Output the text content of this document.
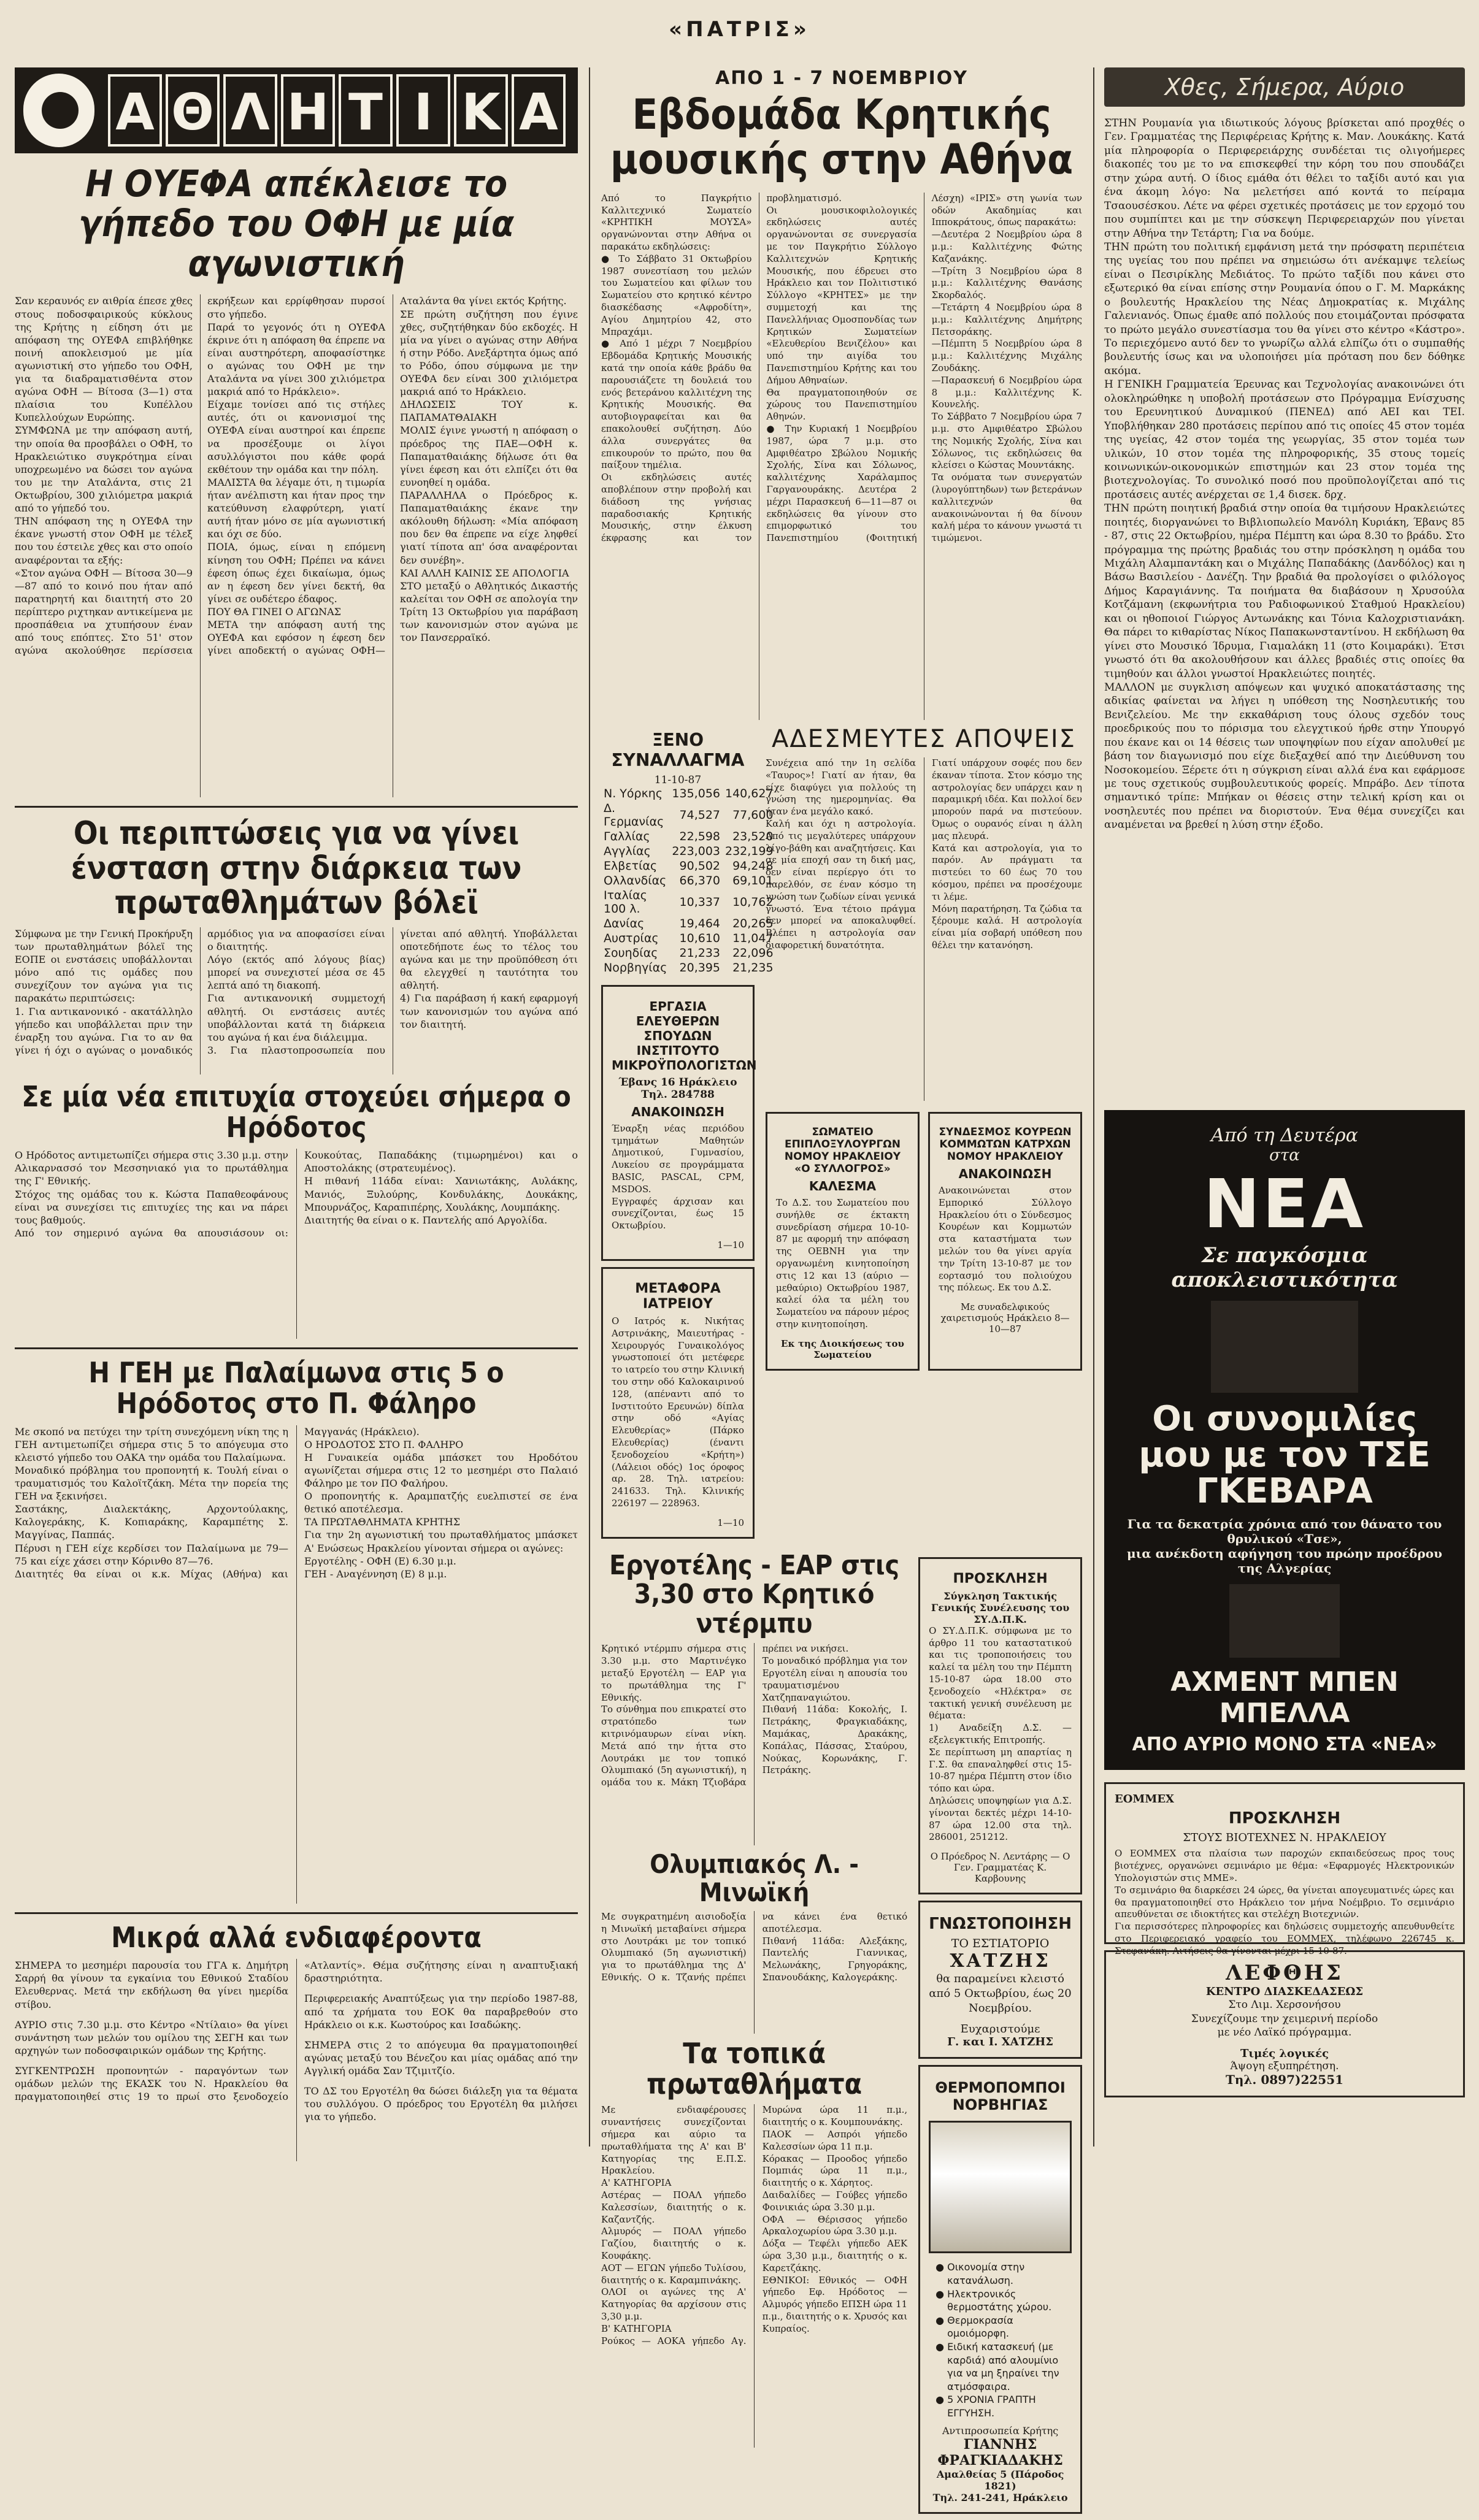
«ΠΑΤΡΙΣ»
Α Θ Λ Η Τ Ι Κ Α
Η ΟΥΕΦΑ απέκλεισε το γήπεδο του ΟΦΗ με μία αγωνιστική

Σαν κεραυνός εν αιθρία έπεσε χθες στους ποδοσφαιρικούς κύκλους της Κρήτης η είδηση ότι με απόφαση της ΟΥΕΦΑ επιβλήθηκε ποινή αποκλεισμού με μία αγωνιστική στο γήπεδο του ΟΦΗ, για τα διαδραματισθέντα στον αγώνα ΟΦΗ — Βίτοσα (3—1) στα πλαίσια του Κυπέλλου Κυπελλούχων Ευρώπης.
ΣΥΜΦΩΝΑ με την απόφαση αυτή, την οποία θα προσβάλει ο ΟΦΗ, το Ηρακλειώτικο συγκρότημα είναι υποχρεωμένο να δώσει τον αγώνα του με την Αταλάντα, στις 21 Οκτωβρίου, 300 χιλιόμετρα μακριά από το γήπεδό του.
ΤΗΝ απόφαση της η ΟΥΕΦΑ την έκανε γνωστή στον ΟΦΗ με τέλεξ που του έστειλε χθες και στο οποίο αναφέρονται τα εξής:
«Στον αγώνα ΟΦΗ — Βίτοσα 30—9—87 από το κοινό που ήταν από παρατηρητή και διαιτητή στο 20 περίπτερο ριχτηκαν αντικείμενα με προσπάθεια να χτυπήσουν έναν από τους επόπτες. Στο 51' στον αγώνα ακολούθησε περίσσεια εκρήξεων και ερρίφθησαν πυρσοί στο γήπεδο.
Παρά το γεγονός ότι η ΟΥΕΦΑ έκρινε ότι η απόφαση θα έπρεπε να είναι αυστηρότερη, αποφασίστηκε ο αγώνας του ΟΦΗ με την Αταλάντα να γίνει 300 χιλιόμετρα μακριά από το Ηράκλειο».
Είχαμε τονίσει από τις στήλες αυτές, ότι οι κανονισμοί της ΟΥΕΦΑ είναι αυστηροί και έπρεπε να προσέξουμε οι λίγοι ασυλλόγιστοι που κάθε φορά εκθέτουν την ομάδα και την πόλη.
ΜΑΛΙΣΤΑ θα λέγαμε ότι, η τιμωρία ήταν ανέλπιστη και ήταν προς την κατεύθυνση ελαφρύτερη, γιατί αυτή ήταν μόνο σε μία αγωνιστική και όχι σε δύο.
ΠΟΙΑ, όμως, είναι η επόμενη κίνηση του ΟΦΗ; Πρέπει να κάνει έφεση όπως έχει δικαίωμα, όμως αν η έφεση δεν γίνει δεκτή, θα γίνει σε ουδέτερο έδαφος.
ΠΟΥ ΘΑ ΓΙΝΕΙ Ο ΑΓΩΝΑΣ
ΜΕΤΑ την απόφαση αυτή της ΟΥΕΦΑ και εφόσον η έφεση δεν γίνει αποδεκτή ο αγώνας ΟΦΗ—Αταλάντα θα γίνει εκτός Κρήτης.
ΣΕ πρώτη συζήτηση που έγινε χθες, συζητήθηκαν δύο εκδοχές. Η μία να γίνει ο αγώνας στην Αθήνα ή στην Ρόδο. Ανεξάρτητα όμως από το Ρόδο, όπου σύμφωνα με την ΟΥΕΦΑ δεν είναι 300 χιλιόμετρα μακριά από το Ηράκλειο.
ΔΗΛΩΣΕΙΣ ΤΟΥ κ. ΠΑΠΑΜΑΤΘΑΙΑΚΗ
ΜΟΛΙΣ έγινε γνωστή η απόφαση ο πρόεδρος της ΠΑΕ—ΟΦΗ κ. Παπαματθαιάκης δήλωσε ότι θα γίνει έφεση και ότι ελπίζει ότι θα ευνοηθεί η ομάδα.
ΠΑΡΑΛΛΗΛΑ ο Πρόεδρος κ. Παπαματθαιάκης έκανε την ακόλουθη δήλωση: «Μία απόφαση που δεν θα έπρεπε να είχε ληφθεί γιατί τίποτα απ' όσα αναφέρονται δεν συνέβη».
ΚΑΙ ΑΛΛΗ ΚΑΙΝΙΣ ΣΕ ΑΠΟΛΟΓΙΑ
ΣΤΟ μεταξύ ο Αθλητικός Δικαστής καλείται τον ΟΦΗ σε απολογία την Τρίτη 13 Οκτωβρίου για παράβαση των κανονισμών στον αγώνα με τον Πανσερραϊκό.

Οι περιπτώσεις για να γίνει ένσταση στην διάρκεια των πρωταθλημάτων βόλεϊ

Σύμφωνα με την Γενική Προκήρυξη των πρωταθλημάτων βόλεϊ της ΕΟΠΕ οι ενστάσεις υποβάλλονται μόνο από τις ομάδες που συνεχίζουν τον αγώνα για τις παρακάτω περιπτώσεις:
1. Για αντικανονικό - ακατάλληλο γήπεδο και υποβάλλεται πριν την έναρξη του αγώνα. Για το αν θα γίνει ή όχι ο αγώνας ο μοναδικός αρμόδιος για να αποφασίσει είναι ο διαιτητής.
Λόγο (εκτός από λόγους βίας) μπορεί να συνεχιστεί μέσα σε 45 λεπτά από τη διακοπή.
Για αντικανονική συμμετοχή αθλητή. Οι ενστάσεις αυτές υποβάλλονται κατά τη διάρκεια του αγώνα ή και ένα διάλειμμα.
3. Για πλαστοπροσωπεία που γίνεται από αθλητή. Υποβάλλεται οποτεδήποτε έως το τέλος του αγώνα και με την προϋπόθεση ότι θα ελεγχθεί η ταυτότητα του αθλητή.
4) Για παράβαση ή κακή εφαρμογή των κανονισμών του αγώνα από τον διαιτητή.

Σε μία νέα επιτυχία στοχεύει σήμερα ο Ηρόδοτος

Ο Ηρόδοτος αντιμετωπίζει σήμερα στις 3.30 μ.μ. στην Αλικαρνασσό τον Μεσσηνιακό για το πρωτάθλημα της Γ' Εθνικής.
Στόχος της ομάδας του κ. Κώστα Παπαθεοφάνους είναι να συνεχίσει τις επιτυχίες της και να πάρει τους βαθμούς.
Από τον σημερινό αγώνα θα απουσιάσουν οι: Κουκούτας, Παπαδάκης (τιμωρημένοι) και ο Αποστολάκης (στρατευμένος).
Η πιθανή 11άδα είναι: Χανιωτάκης, Αυλάκης, Μανιός, Ξυλούρης, Κονδυλάκης, Δουκάκης, Μπουρνάζος, Καραπιπέρης, Χουλάκης, Λουμπάκης.
Διαιτητής θα είναι ο κ. Παντελής από Αργολίδα.

Η ΓΕΗ με Παλαίμωνα στις 5 ο Ηρόδοτος στο Π. Φάληρο

Με σκοπό να πετύχει την τρίτη συνεχόμενη νίκη της η ΓΕΗ αντιμετωπίζει σήμερα στις 5 το απόγευμα στο κλειστό γήπεδο του ΟΑΚΑ την ομάδα του Παλαίμωνα.
Μοναδικό πρόβλημα του προπονητή κ. Τουλή είναι ο τραυματισμός του Καλοϊτζάκη. Μέτα την πορεία της ΓΕΗ να ξεκινήσει.
Σαστάκης, Διαλεκτάκης, Αρχοντούλακης, Καλογεράκης, Κ. Κοπιαράκης, Καραμπέτης Σ. Μαγγίνας, Παππάς.
Πέρυσι η ΓΕΗ είχε κερδίσει τον Παλαίμωνα με 79—75 και είχε χάσει στην Κόρινθο 87—76.
Διαιτητές θα είναι οι κ.κ. Μίχας (Αθήνα) και Μαγγανάς (Ηράκλειο).
Ο ΗΡΟΔΟΤΟΣ ΣΤΟ Π. ΦΑΛΗΡΟ
Η Γυναικεία ομάδα μπάσκετ του Ηροδότου αγωνίζεται σήμερα στις 12 το μεσημέρι στο Παλαιό Φάληρο με τον ΠΟ Φαλήρου.
Ο προπονητής κ. Αραμπατζής ευελπιστεί σε ένα θετικό αποτέλεσμα.
ΤΑ ΠΡΩΤΑΘΛΗΜΑΤΑ ΚΡΗΤΗΣ
Για την 2η αγωνιστική του πρωταθλήματος μπάσκετ Α' Ενώσεως Ηρακλείου γίνονται σήμερα οι αγώνες:
Εργοτέλης - ΟΦΗ (Ε) 6.30 μ.μ.
ΓΕΗ - Αναγέννηση (Ε) 8 μ.μ.

Μικρά αλλά ενδιαφέροντα

ΣΗΜΕΡΑ το μεσημέρι παρουσία του ΓΓΑ κ. Δημήτρη Σαρρή θα γίνουν τα εγκαίνια του Εθνικού Σταδίου Ελευθερνας. Μετά την εκδήλωση θα γίνει ημερίδα στίβου.

ΑΥΡΙΟ στις 7.30 μ.μ. στο Κέντρο «Ντίλαιο» θα γίνει συνάντηση των μελών του ομίλου της ΣΕΓΗ και των αρχηγών των ποδοσφαιρικών ομάδων της Κρήτης.

ΣΥΓΚΕΝΤΡΩΣΗ προπονητών - παραγόντων των ομάδων μελών της ΕΚΑΣΚ του Ν. Ηρακλείου θα πραγματοποιηθεί στις 19 το πρωί στο ξενοδοχείο «Ατλαντίς». Θέμα συζήτησης είναι η αναπτυξιακή δραστηριότητα.

Περιφερειακής Αναπτύξεως για την περίοδο 1987-88, από τα χρήματα του ΕΟΚ θα παραβρεθούν στο Ηράκλειο οι κ.κ. Κωστούρος και Ισαδώκης.

ΣΗΜΕΡΑ στις 2 το απόγευμα θα πραγματοποιηθεί αγώνας μεταξύ του Βένεζου και μίας ομάδας από την Αγγλική ομάδα Σαν Τζιμιτζίο.

ΤΟ ΔΣ του Εργοτέλη θα δώσει διάλεξη για τα θέματα του συλλόγου. Ο πρόεδρος του Εργοτέλη θα μιλήσει για το γήπεδο.

ΑΠΟ 1 - 7 ΝΟΕΜΒΡΙΟΥ
Εβδομάδα Κρητικής μουσικής στην Αθήνα

Από το Παγκρήτιο Καλλιτεχνικό Σωματείο «ΚΡΗΤΙΚΗ ΜΟΥΣΑ» οργανώνονται στην Αθήνα οι παρακάτω εκδηλώσεις:
● Το Σάββατο 31 Οκτωβρίου 1987 συνεστίαση του μελών του Σωματείου και φίλων του Σωματείου στο κρητικό κέντρο διασκέδασης «Αφροδίτη», Αγίου Δημητρίου 42, στο Μπραχάμι.
● Από 1 μέχρι 7 Νοεμβρίου Εβδομάδα Κρητικής Μουσικής κατά την οποία κάθε βράδυ θα παρουσιάζετε τη δουλειά του ενός βετεράνου καλλιτέχνη της Κρητικής Μουσικής. Θα αυτοβιογραφείται και θα επακολουθεί συζήτηση. Δύο άλλα συνεργάτες θα επικουρούν το πρώτο, που θα παίξουν τημέλια.
Οι εκδηλώσεις αυτές αποβλέπουν στην προβολή και διάδοση της γνήσιας παραδοσιακής Κρητικής Μουσικής, στην έλκυση έκφρασης και τον προβληματισμό.
Οι μουσικοφιλολογικές εκδηλώσεις αυτές οργανώνονται σε συνεργασία με τον Παγκρήτιο Σύλλογο Καλλιτεχνών Κρητικής Μουσικής, που έδρευει στο Ηράκλειο και τον Πολιτιστικό Σύλλογο «ΚΡΗΤΕΣ» με την συμμετοχή και της Πανελλήνιας Ομοσπονδίας των Κρητικών Σωματείων «Ελευθερίου Βενιζέλου» και υπό την αιγίδα του Πανεπιστημίου Κρήτης και του Δήμου Αθηναίων.
Θα πραγματοποιηθούν σε χώρους του Πανεπιστημίου Αθηνών.
● Την Κυριακή 1 Νοεμβρίου 1987, ώρα 7 μ.μ. στο Αμφιθέατρο Σβώλου Νομικής Σχολής, Σίνα και Σόλωνος, καλλιτέχνης Χαράλαμπος Γαργανουράκης. Δευτέρα 2 μέχρι Παρασκευή 6—11—87 οι εκδηλώσεις θα γίνουν στο επιμορφωτικό του Πανεπιστημίου (Φοιτητική Λέσχη) «ΙΡΙΣ» στη γωνία των οδών Ακαδημίας και Ιπποκράτους, όπως παρακάτω:
—Δευτέρα 2 Νοεμβρίου ώρα 8 μ.μ.: Καλλιτέχνης Φώτης Καζανάκης.
—Τρίτη 3 Νοεμβρίου ώρα 8 μ.μ.: Καλλιτέχνης Θανάσης Σκορδαλός.
—Τετάρτη 4 Νοεμβρίου ώρα 8 μ.μ.: Καλλιτέχνης Δημήτρης Πετσοράκης.
—Πέμπτη 5 Νοεμβρίου ώρα 8 μ.μ.: Καλλιτέχνης Μιχάλης Ζουδάκης.
—Παρασκευή 6 Νοεμβρίου ώρα 8 μ.μ.: Καλλιτέχνης Κ. Κουνελής.
Το Σάββατο 7 Νοεμβρίου ώρα 7 μ.μ. στο Αμφιθέατρο Σβώλου της Νομικής Σχολής, Σίνα και Σόλωνος, τις εκδηλώσεις θα κλείσει ο Κώστας Μουντάκης.
Τα ονόματα των συνεργατών (λυρογύπτηδων) των βετεράνων καλλιτεχνών θα ανακοινώνονται ή θα δίνουν καλή μέρα το κάνουν γνωστά τι τιμώμενοι.

ΞΕΝΟ ΣΥΝΑΛΛΑΓΜΑ
11-10-87
Ν. Υόρκης	135,056	140,627
Δ. Γερμανίας	74,527	77,600
Γαλλίας	22,598	23,520
Αγγλίας	223,003	232,199
Ελβετίας	90,502	94,248
Ολλανδίας	66,370	69,101
Ιταλίας 100 λ.	10,337	10,762
Δανίας	19,464	20,265
Αυστρίας	10,610	11,047
Σουηδίας	21,233	22,096
Νορβηγίας	20,395	21,235
ΕΡΓΑΣΙΑ ΕΛΕΥΘΕΡΩΝ ΣΠΟΥΔΩΝ ΙΝΣΤΙΤΟΥΤΟ ΜΙΚΡΟΫΠΟΛΟΓΙΣΤΩΝ
Έβανς 16 Ηράκλειο Τηλ. 284788
ΑΝΑΚΟΙΝΩΣΗ

Έναρξη νέας περιόδου τμημάτων Μαθητών Δημοτικού, Γυμνασίου, Λυκείου σε προγράμματα BASIC, PASCAL, CPM, MSDOS.
Εγγραφές άρχισαν και συνεχίζονται, έως 15 Οκτωβρίου.

1—10
ΜΕΤΑΦΟΡΑ ΙΑΤΡΕΙΟΥ

Ο Ιατρός κ. Νικήτας Αστρινάκης, Μαιευτήρας - Χειρουργός Γυναικολόγος γνωστοποιεί ότι μετέφερε το ιατρείο του στην Κλινική του στην οδό Καλοκαιρινού 128, (απέναντι από το Ινστιτούτο Ερευνών) δίπλα στην οδό «Αγίας Ελευθερίας» (Πάρκο Ελευθερίας) (έναντι ξενοδοχείου «Κρήτη») (Λάλειοι οδός) 1ος όροφος αρ. 28. Τηλ. ιατρείου: 241633. Τηλ. Κλινικής 226197 — 228963.

1—10
ΑΔΕΣΜΕΥΤΕΣ ΑΠΟΨΕΙΣ

Συνέχεια από την 1η σελίδα «Ταυρος»! Γιατί αν ήταν, θα είχε διαφύγει για πολλούς τη γνώση της ημερομηνίας. Θα ήταν ένα μεγάλο κακό.
Καλή και όχι η αστρολογία. Από τις μεγαλύτερες υπάρχουν λίγο-βάθη και αναζητήσεις. Και σε μία εποχή σαν τη δική μας, δεν είναι περίεργο ότι το παρελθόν, σε έναν κόσμο τη γνώση των ζωδίων είναι γενικά γνωστό. Ένα τέτοιο πράγμα δεν μπορεί να αποκαλυφθεί. Βλέπει η αστρολογία σαν διαφορετική δυνατότητα.
Γιατί υπάρχουν σοφές που δεν έκαναν τίποτα. Στον κόσμο της αστρολογίας δεν υπάρχει καν η παραμικρή ιδέα. Και πολλοί δεν μπορούν παρά να πιστεύουν. Όμως ο ουρανός είναι η άλλη μας πλευρά.
Κατά και αστρολογία, για το παρόν. Αν πράγματι τα πιστεύει το 60 έως 70 του κόσμου, πρέπει να προσέχουμε τι λέμε.
Μόνη παρατήρηση. Τα ζώδια τα ξέρουμε καλά. Η αστρολογία είναι μία σοβαρή υπόθεση που θέλει την κατανόηση.

ΣΩΜΑΤΕΙΟ ΕΠΙΠΛΟΞΥΛΟΥΡΓΩΝ ΝΟΜΟΥ ΗΡΑΚΛΕΙΟΥ «Ο ΣΥΛΛΟΓΡΟΣ»
ΚΑΛΕΣΜΑ

Το Δ.Σ. του Σωματείου που συνήλθε σε έκτακτη συνεδρίαση σήμερα 10-10-87 με αφορμή την απόφαση της ΟΕΒΝΗ για την οργανωμένη κινητοποίηση στις 12 και 13 (αύριο — μεθαύριο) Οκτωβρίου 1987, καλεί όλα τα μέλη του Σωματείου να πάρουν μέρος στην κινητοποίηση.

Εκ της Διοικήσεως του Σωματείου
ΣΥΝΔΕΣΜΟΣ ΚΟΥΡΕΩΝ ΚΟΜΜΩΤΩΝ ΚΑΤΡΧΩΝ ΝΟΜΟΥ ΗΡΑΚΛΕΙΟΥ
ΑΝΑΚΟΙΝΩΣΗ

Ανακοινώνεται στον Εμπορικό Σύλλογο Ηρακλείου ότι ο Σύνδεσμος Κουρέων και Κομμωτών στα καταστήματα των μελών του θα γίνει αργία την Τρίτη 13-10-87 με τον εορτασμό του πολιούχου της πόλεως. Εκ του Δ.Σ.

Με συναδελφικούς χαιρετισμούς Ηράκλειο 8—10—87
Εργοτέλης - ΕΑΡ στις 3,30 στο Κρητικό ντέρμπυ

Κρητικό ντέρμπυ σήμερα στις 3.30 μ.μ. στο Μαρτινέγκο μεταξύ Εργοτέλη — ΕΑΡ για το πρωτάθλημα της Γ' Εθνικής.
Το σύνθημα που επικρατεί στο στρατόπεδο των κιτρινόμαυρων είναι νίκη. Μετά από την ήττα στο Λουτράκι με τον τοπικό Ολυμπιακό (5η αγωνιστική), η ομάδα του κ. Μάκη Τζιοβάρα πρέπει να νικήσει.
Το μοναδικό πρόβλημα για τον Εργοτέλη είναι η απουσία του τραυματισμένου Χατζηπαναγιώτου.
Πιθανή 11άδα: Κοκολής, Ι. Πετράκης, Φραγκιαδάκης, Μαμάκας, Δρακάκης, Κοπάλας, Πάσσας, Σταύρου, Νούκας, Κορωνάκης, Γ. Πετράκης.

Ολυμπιακός Λ. - Μινωϊκή

Με συγκρατημένη αισιοδοξία η Μινωϊκή μεταβαίνει σήμερα στο Λουτράκι με τον τοπικό Ολυμπιακό (5η αγωνιστική) για το πρωτάθλημα της Δ' Εθνικής. Ο κ. Τζανής πρέπει να κάνει ένα θετικό αποτέλεσμα.
Πιθανή 11άδα: Αλεξάκης, Παντελής Γιαννικας, Μελωνάκης, Γρηγοράκης, Σπανουδάκης, Καλογεράκης.

Τα τοπικά πρωταθλήματα

Με ενδιαφέρουσες συναντήσεις συνεχίζονται σήμερα και αύριο τα πρωταθλήματα της Α' και Β' Κατηγορίας της Ε.Π.Σ. Ηρακλείου.
Α' ΚΑΤΗΓΟΡΙΑ
Αστέρας — ΠΟΑΛ γήπεδο Καλεσσίων, διαιτητής ο κ. Καζαντζής.
Αλμυρός — ΠΟΑΛ γήπεδο Γαζίου, διαιτητής ο κ. Κουφάκης.
ΑΟΤ — ΕΓΩΝ γήπεδο Τυλίσου, διαιτητής ο κ. Καραμπινάκης.
ΟΛΟΙ οι αγώνες της Α' Κατηγορίας θα αρχίσουν στις 3,30 μ.μ.
Β' ΚΑΤΗΓΟΡΙΑ
Ρούκος — ΑΟΚΑ γήπεδο Αγ. Μυρώνα ώρα 11 π.μ., διαιτητής ο κ. Κουμπουνάκης.
ΠΑΟΚ — Ασπρόι γήπεδο Καλεσσίων ώρα 11 π.μ.
Κόρακας — Προοδος γήπεδο Πομπιάς ώρα 11 π.μ., διαιτητής ο κ. Χάρητος.
Δαιδαλίδες — Γούβες γήπεδο Φοινικιάς ώρα 3.30 μ.μ.
ΟΦΑ — Θέρισσος γήπεδο Αρκαλοχωρίου ώρα 3.30 μ.μ.
Δόξα — Τεφέλι γήπεδο ΑΕΚ ώρα 3,30 μ.μ., διαιτητής ο κ. Καρετζάκης.
ΕΘΝΙΚΟΙ: Εθνικός — ΟΦΗ γήπεδο Εφ. Ηρόδοτος — Αλμυρός γήπεδο ΕΠΣΗ ώρα 11 π.μ., διαιτητής ο κ. Χρυσός και Κυπραίος.

ΠΡΟΣΚΛΗΣΗ
Σύγκληση Τακτικής Γενικής Συνέλευσης του ΣΥ.Δ.Π.Κ.

Ο ΣΥ.Δ.Π.Κ. σύμφωνα με το άρθρο 11 του καταστατικού και τις τροποποιήσεις του καλεί τα μέλη του την Πέμπτη 15-10-87 ώρα 18.00 στο ξενοδοχείο «Ηλέκτρα» σε τακτική γενική συνέλευση με θέματα:
1) Αναδείξη Δ.Σ. — εξελεγκτικής Επιτροπής.
Σε περίπτωση μη απαρτίας η Γ.Σ. θα επαναληφθεί στις 15-10-87 ημέρα Πέμπτη στον ίδιο τόπο και ώρα.
Δηλώσεις υποψηφίων για Δ.Σ. γίνονται δεκτές μέχρι 14-10-87 ώρα 12.00 στα τηλ. 286001, 251212.

Ο Πρόεδρος Ν. Λεντάρης — Ο Γεν. Γραμματέας Κ. Καρβουνης
ΓΝΩΣΤΟΠΟΙΗΣΗ
ΤΟ ΕΣΤΙΑΤΟΡΙΟ
ΧΑΤΖΗΣ

θα παραμείνει κλειστό
από 5 Οκτωβρίου, έως 20 Νοεμβρίου.

Ευχαριστούμε
Γ. και Ι. ΧΑΤΖΗΣ
ΘΕΡΜΟΠΟΜΠΟΙ ΝΟΡΒΗΓΙΑΣ
• Οικονομία στην κατανάλωση.
• Ηλεκτρονικός θερμοστάτης χώρου.
• Θερμοκρασία ομοιόμορφη.
• Ειδική κατασκευή (με καρδιά) από αλουμίνιο για να μη ξηραίνει την ατμόσφαιρα.
• 5 ΧΡΟΝΙΑ ΓΡΑΠΤΗ ΕΓΓΥΗΣΗ.
Αντιπροσωπεία Κρήτης
ΓΙΑΝΝΗΣ ΦΡΑΓΚΙΑΔΑΚΗΣ
Αμαλθείας 5 (Πάροδος 1821)
Τηλ. 241-241, Ηράκλειο
Χθες, Σήμερα, Αύριο

ΣΤΗΝ Ρουμανία για ιδιωτικούς λόγους βρίσκεται από προχθές ο Γεν. Γραμματέας της Περιφέρειας Κρήτης κ. Μαν. Λουκάκης. Κατά μία πληροφορία ο Περιφερειάρχης συνδέεται τις ολιγοήμερες διακοπές του με το να επισκεφθεί την κόρη του που σπουδάζει στην χώρα αυτή. Ο ίδιος εμάθα ότι θέλει το ταξίδι αυτό και για ένα άκομη λόγο: Να μελετήσει από κοντά το πείραμα Τσαουσέσκου. Λέτε να φέρει σχετικές προτάσεις με τον ερχομό του που συμπίπτει και με την σύσκεψη Περιφερειαρχών που γίνεται στην Αθήνα την Τετάρτη; Για να δούμε.
ΤΗΝ πρώτη του πολιτική εμφάνιση μετά την πρόσφατη περιπέτεια της υγείας του που πρέπει να σημειώσω ότι ανέκαμψε τελείως είναι ο Πεσιρίκλης Μεδιάτος. Το πρώτο ταξίδι που κάνει στο εξωτερικό θα είναι επίσης στην Ρουμανία όπου ο Γ. Μ. Μαρκάκης ο βουλευτής Ηρακλείου της Νέας Δημοκρατίας κ. Μιχάλης Γαλενιανός. Όπως έμαθε από πολλούς που ετοιμάζονται πρόσφατα το πρώτο μεγάλο συνεστίασμα του θα γίνει στο κέντρο «Κάστρο». Το περιεχόμενο αυτό δεν το γνωρίζω αλλά ελπίζω ότι ο συμπαθής βουλευτής ίσως και να υλοποιήσει μία πρόταση που δεν δόθηκε ακόμα.
Η ΓΕΝΙΚΗ Γραμματεία Έρευνας και Τεχνολογίας ανακοινώνει ότι ολοκληρώθηκε η υποβολή προτάσεων στο Πρόγραμμα Ενίσχυσης του Ερευνητικού Δυναμικού (ΠΕΝΕΔ) από ΑΕΙ και ΤΕΙ. Υποβλήθηκαν 280 προτάσεις περίπου από τις οποίες 45 στον τομέα της υγείας, 42 στον τομέα της γεωργίας, 35 στον τομέα των υλικών, 10 στον τομέα της πληροφορικής, 35 στους τομείς κοινωνικών-οικονομικών επιστημών και 23 στον τομέα της βιοτεχνολογίας. Το συνολικό ποσό που προϋπολογίζεται από τις προτάσεις αυτές ανέρχεται σε 1,4 δισεκ. δρχ.
ΤΗΝ πρώτη ποιητική βραδιά στην οποία θα τιμήσουν Ηρακλειώτες ποιητές, διοργανώνει το Βιβλιοπωλείο Μανόλη Κυριάκη, Έβανς 85 - 87, στις 22 Οκτωβρίου, ημέρα Πέμπτη και ώρα 8.30 το βράδυ. Στο πρόγραμμα της πρώτης βραδιάς του στην πρόσκληση η ομάδα του Μιχάλη Αλαμπαντάκη και ο Μιχάλης Παπαδάκης (Δανδόλος) και η Βάσω Βασιλείου - Δανέζη. Την βραδιά θα προλογίσει ο φιλόλογος Δήμος Καραγιάννης. Τα ποιήματα θα διαβάσουν η Χρυσούλα Κοτζάμανη (εκφωνήτρια του Ραδιοφωνικού Σταθμού Ηρακλείου) και οι ηθοποιοί Γιώργος Αντωνάκης και Τόνια Καλοχριστιανάκη. Θα πάρει το κιθαρίστας Νίκος Παπακωνσταντίνου. Η εκδήλωση θα γίνει στο Μουσικό Ίδρυμα, Γιαμαλάκη 11 (στο Κοιμαράκι). Έτσι γνωστό ότι θα ακολουθήσουν και άλλες βραδιές στις οποίες θα τιμηθούν και άλλοι γνωστοί Ηρακλειώτες ποιητές.
ΜΑΛΛΟΝ με συγκλιση απόψεων και ψυχικό αποκατάστασης της αδικίας φαίνεται να λήγει η υπόθεση της Νοσηλευτικής του Βενιζελείου. Με την εκκαθάριση τους όλους σχεδόν τους προεδρικούς που το πόρισμα του ελεγχτικού ήρθε στην Υπουργό που έκανε και οι 14 θέσεις των υποψηφίων που είχαν απολυθεί με βάση τον διαγωνισμό που είχε διεξαχθεί από την Διεύθυνση του Νοσοκομείου. Ξέρετε ότι η σύγκριση είναι αλλά ένα και εφάρμοσε με τους σχετικούς συμβουλευτικούς φορείς. Μπράβο. Δεν τίποτα σημαντικό τρίπε: Μπήκαν οι θέσεις στην τελική κρίση και οι νοσηλευτές που πρέπει να διοριστούν. Ένα θέμα συνεχίζει και αναμένεται να βρεθεί η λύση στην έξοδο.

Από τη Δευτέρα
στα
ΝΕΑ
Σε παγκόσμια αποκλειστικότητα
Οι συνομιλίες μου με τον ΤΣΕ ΓΚΕΒΑΡΑ
Για τα δεκατρία χρόνια από τον θάνατο του θρυλικού «Τσε»,
μια ανέκδοτη αφήγηση του πρώην προέδρου της Αλγερίας
ΑΧΜΕΝΤ ΜΠΕΝ ΜΠΕΛΛΑ
ΑΠΟ ΑΥΡΙΟ ΜΟΝΟ ΣΤΑ «ΝΕΑ»
ΕΟΜΜΕΧ
ΠΡΟΣΚΛΗΣΗ
ΣΤΟΥΣ ΒΙΟΤΕΧΝΕΣ Ν. ΗΡΑΚΛΕΙΟΥ

Ο ΕΟΜΜΕΧ στα πλαίσια των παροχών εκπαιδεύσεως προς τους βιοτέχνες, οργανώνει σεμινάριο με θέμα: «Εφαρμογές Ηλεκτρονικών Υπολογιστών στις ΜΜΕ».
Το σεμινάριο θα διαρκέσει 24 ώρες, θα γίνεται απογευματινές ώρες και θα πραγματοποιηθεί στο Ηράκλειο τον μήνα Νοέμβριο. Το σεμινάριο απευθύνεται σε ιδιοκτήτες και στελέχη Βιοτεχνιών.
Για περισσότερες πληροφορίες και δηλώσεις συμμετοχής απευθυνθείτε στο Περιφερειακό γραφείο του ΕΟΜΜΕΧ, τηλέφωνο 226745 κ. Στεφανάκη. Αιτήσεις θα γίνονται μέχρι 15-10-87.

ΛΕΦΘΗΣ
ΚΕΝΤΡΟ ΔΙΑΣΚΕΔΑΣΕΩΣ

Στο Λιμ. Χερσονήσου
Συνεχίζουμε την χειμερινή περίοδο
με νέο Λαϊκό πρόγραμμα.

Τιμές λογικές
Άψογη εξυπηρέτηση.
Τηλ. 0897)22551
